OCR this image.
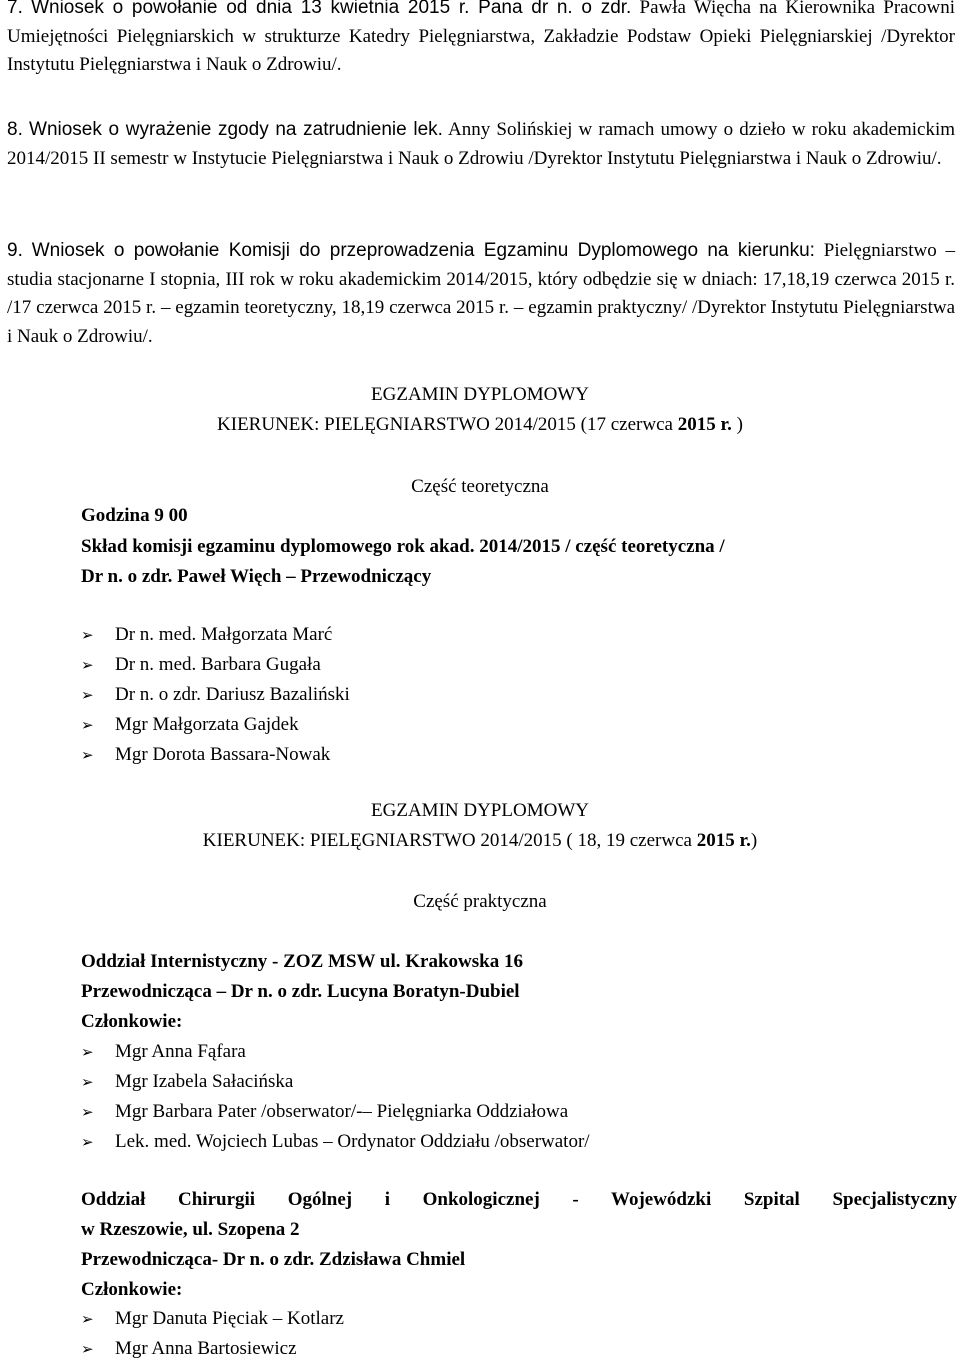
7. Wniosek o powołanie od dnia 13 kwietnia 2015 r. Pana dr n. o zdr. Pawła Więcha na Kierownika Pracowni Umiejętności Pielęgniarskich w strukturze Katedry Pielęgniarstwa, Zakładzie Podstaw Opieki Pielęgniarskiej /Dyrektor Instytutu Pielęgniarstwa i Nauk o Zdrowiu/.
8. Wniosek o wyrażenie zgody na zatrudnienie lek. Anny Solińskiej w ramach umowy o dzieło w roku akademickim 2014/2015 II semestr w Instytucie Pielęgniarstwa i Nauk o Zdrowiu /Dyrektor Instytutu Pielęgniarstwa i Nauk o Zdrowiu/.
9. Wniosek o powołanie Komisji do przeprowadzenia Egzaminu Dyplomowego na kierunku: Pielęgniarstwo – studia stacjonarne I stopnia, III rok w roku akademickim 2014/2015, który odbędzie się w dniach: 17,18,19 czerwca 2015 r. /17 czerwca 2015 r. – egzamin teoretyczny, 18,19 czerwca 2015 r. – egzamin praktyczny/ /Dyrektor Instytutu Pielęgniarstwa i Nauk o Zdrowiu/.
EGZAMIN DYPLOMOWY
KIERUNEK: PIELĘGNIARSTWO 2014/2015 (17 czerwca 2015 r. )
Część teoretyczna
Godzina 9 00
Skład komisji egzaminu dyplomowego rok akad. 2014/2015 / część teoretyczna /
Dr n. o zdr. Paweł Więch – Przewodniczący
➢ Dr n. med. Małgorzata Marć
➢ Dr n. med. Barbara Gugała
➢ Dr n. o zdr. Dariusz Bazaliński
➢ Mgr Małgorzata Gajdek
➢ Mgr Dorota Bassara-Nowak
EGZAMIN DYPLOMOWY
KIERUNEK: PIELĘGNIARSTWO 2014/2015 ( 18, 19 czerwca 2015 r.)
Część praktyczna
Oddział Internistyczny - ZOZ MSW ul. Krakowska 16
Przewodnicząca – Dr n. o zdr. Lucyna Boratyn-Dubiel
Członkowie:
➢ Mgr Anna Fąfara
➢ Mgr Izabela Sałacińska
➢ Mgr Barbara Pater /obserwator/-– Pielęgniarka Oddziałowa
➢ Lek. med. Wojciech Lubas – Ordynator Oddziału /obserwator/
Oddział Chirurgii Ogólnej i Onkologicznej - Wojewódzki Szpital Specjalistyczny
w Rzeszowie, ul. Szopena 2
Przewodnicząca- Dr n. o zdr. Zdzisława Chmiel
Członkowie:
➢ Mgr Danuta Pięciak – Kotlarz
➢ Mgr Anna Bartosiewicz
